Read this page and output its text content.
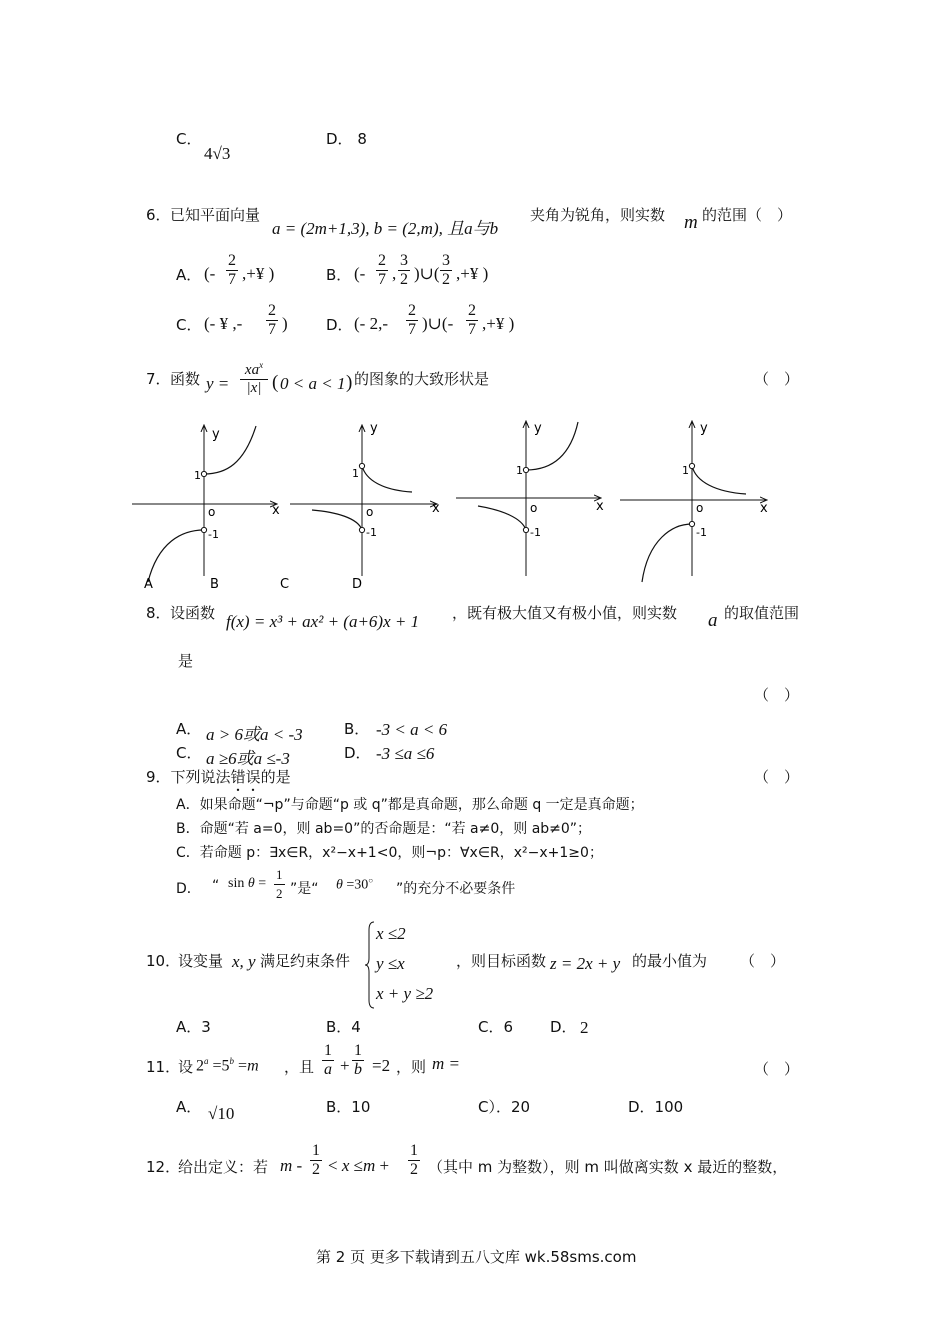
C．
4√3
D． 8
6． 已知平面向量
a = (2m+1,3), b = (2,m), 且a与b
夹角为锐角，则实数 m 的范围（　）
A． (- $\frac{2}{7}$ ,+¥ )	B． (- $\frac{2}{7}$ , $\frac{3}{2}$ )∪( $\frac{3}{2}$ ,+¥ )
C． (- ¥ ,- $\frac{2}{7}$ )	D． (- $2,- \frac{2}{7}$ )∪(- $\frac{2}{7}$ ,+¥ )
7． 函数 y =
$xa^x$
|x| ( 0 < a < 1 ) 的图象的大致形状是	（　）
y
x
1
o
-1
y
x
1
o
-1
y
x
1
o
-1
y
x
1
o
-1
A	B	C	D
8． 设函数 f(x) = x³ + ax² + (a+6)x + 1 ，既有极大值又有极小值，则实数 a 的取值范围
是
（　）
A． a > 6或a < -3	B． -3 < a < 6
C． a ≥6或a ≤-3	D． -3 ≤a ≤6
9．下列说法错误的是	（　）
A．如果命题“¬p”与命题“p 或 q”都是真命题，那么命题 q 一定是真命题；
B．命题“若 a=0，则 ab=0”的否命题是：“若 a≠0，则 ab≠0”；
C．若命题 p：∃x∈R，x²−x+1<0，则¬p：∀x∈R，x²−x+1≥0；
D． “ $\sin \theta = \frac{1}{2}$ ”是“ θ =30○
”的充分不必要条件
10．
设变量 x, y 满足约束条件
x ≤2
y ≤x
x + y ≥2
，则目标函数 z = 2x + y 的最小值为 （　）
A．3	B．4	C．6 D． 2
11．
设 $2^a =5^b =m$ ，且 $\frac{1}{a} + \frac{1}{b} =2$ ，则 m =	（　）
A． √10	B．10	C）．20	D．100
12．
给出定义：若 $m - \frac{1}{2} < x \le m + \frac{1}{2}$ （其中 m 为整数），则 m 叫做离实数 x 最近的整数，
第 2 页 更多下载请到五八文库 wk.58sms.com
